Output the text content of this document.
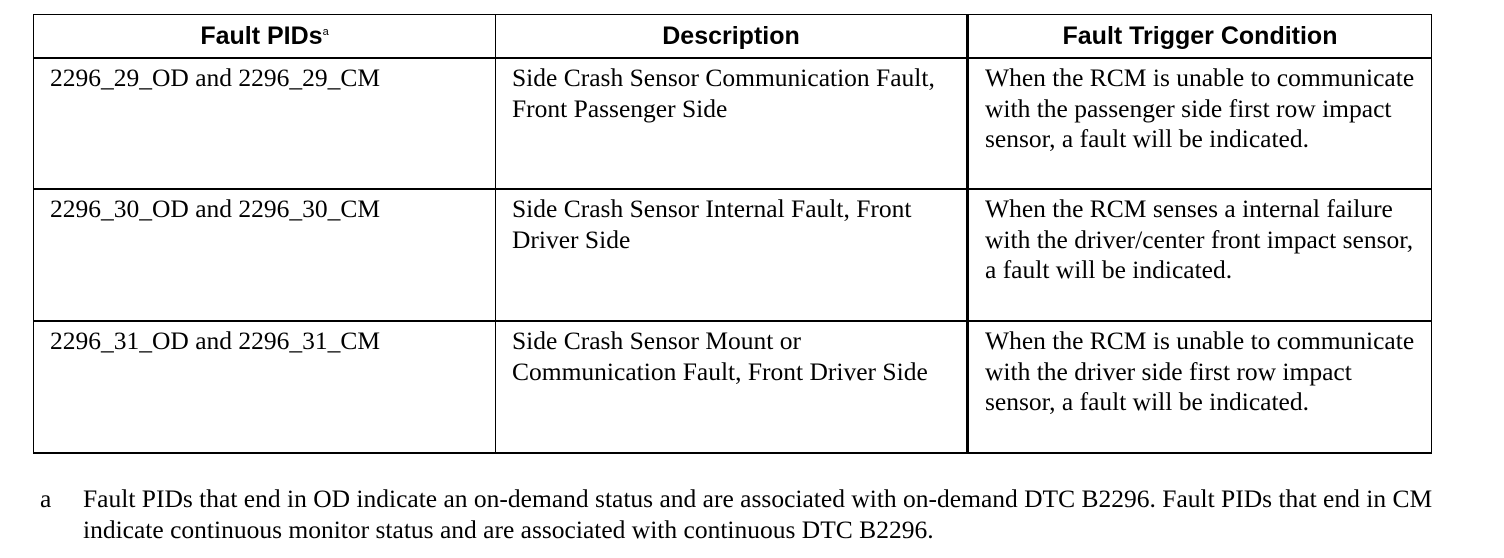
Fault PIDs$^a$	Description	Fault Trigger Condition
2296_29_OD and 2296_29_CM	Side Crash Sensor Communication Fault, Front Passenger Side	When the RCM is unable to communicate with the passenger side first row impact sensor, a fault will be indicated.
2296_30_OD and 2296_30_CM	Side Crash Sensor Internal Fault, Front Driver Side	When the RCM senses a internal failure with the driver/center front impact sensor, a fault will be indicated.
2296_31_OD and 2296_31_CM	Side Crash Sensor Mount or Communication Fault, Front Driver Side	When the RCM is unable to communicate with the driver side first row impact sensor, a fault will be indicated.
a Fault PIDs that end in OD indicate an on-demand status and are associated with on-demand DTC B2296. Fault PIDs that end in CM indicate continuous monitor status and are associated with continuous DTC B2296.
